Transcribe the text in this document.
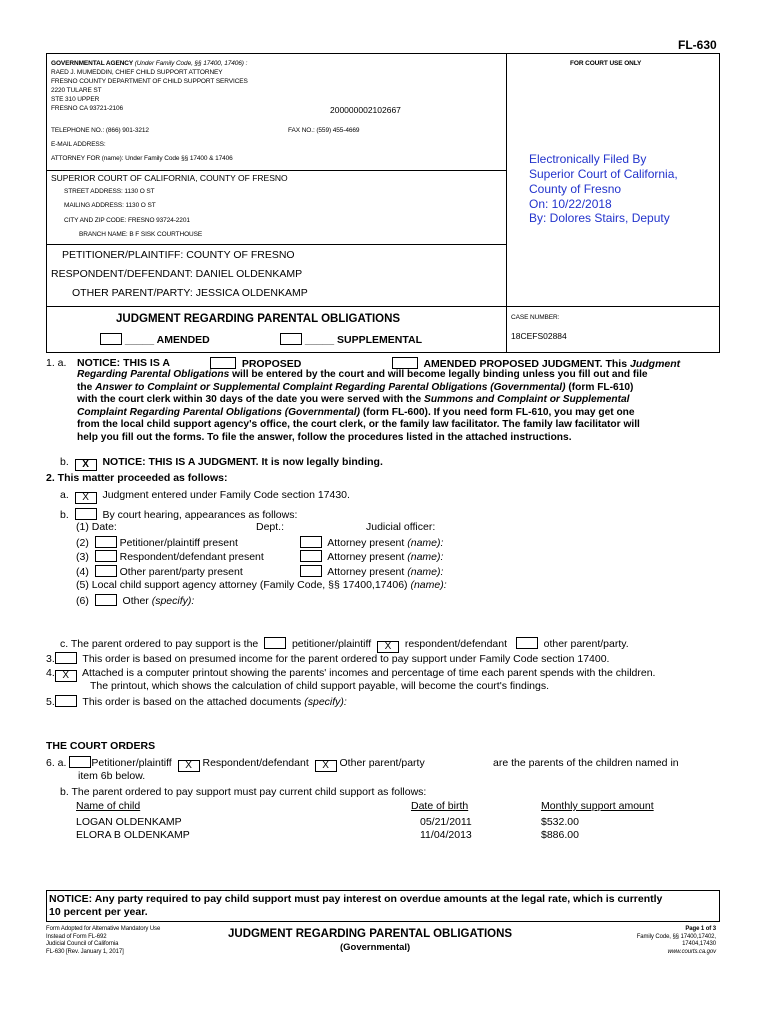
FL-630
GOVERNMENTAL AGENCY (Under Family Code, §§ 17400, 17406) :
RAED J. MUMEDDIN, CHIEF CHILD SUPPORT ATTORNEY
FRESNO COUNTY DEPARTMENT OF CHILD SUPPORT SERVICES
2220 TULARE ST
STE 310 UPPER
FRESNO CA 93721-2106	200000002102667
TELEPHONE NO.: (866) 901-3212	FAX NO.: (559) 455-4669
E-MAIL ADDRESS:
ATTORNEY FOR (name): Under Family Code §§ 17400 & 17406
FOR COURT USE ONLY
SUPERIOR COURT OF CALIFORNIA, COUNTY OF FRESNO
STREET ADDRESS: 1130 O ST
MAILING ADDRESS: 1130 O ST
CITY AND ZIP CODE: FRESNO 93724-2201
BRANCH NAME: B F SISK COURTHOUSE
PETITIONER/PLAINTIFF: COUNTY OF FRESNO
RESPONDENT/DEFENDANT: DANIEL OLDENKAMP
OTHER PARENT/PARTY: JESSICA OLDENKAMP
Electronically Filed By
Superior Court of California,
County of Fresno
On: 10/22/2018
By: Dolores Stairs, Deputy
JUDGMENT REGARDING PARENTAL OBLIGATIONS
_____ AMENDED	_____ SUPPLEMENTAL
CASE NUMBER:
18CEFS02884
1. a. NOTICE: THIS IS A	PROPOSED	AMENDED PROPOSED JUDGMENT. This Judgment
Regarding Parental Obligations will be entered by the court and will become legally binding unless you fill out and file
the Answer to Complaint or Supplemental Complaint Regarding Parental Obligations (Governmental) (form FL-610)
with the court clerk within 30 days of the date you were served with the Summons and Complaint or Supplemental
Complaint Regarding Parental Obligations (Governmental) (form FL-600). If you need form FL-610, you may get one
from the local child support agency's office, the court clerk, or the family law facilitator. The family law facilitator will
help you fill out the forms. To file the answer, follow the procedures listed in the attached instructions.
b. X NOTICE: THIS IS A JUDGMENT. It is now legally binding.
2. This matter proceeded as follows:
a. X Judgment entered under Family Code section 17430.
b.	By court hearing, appearances as follows:
(1) Date:	Dept.:	Judicial officer:
(2)	Petitioner/plaintiff present	Attorney present (name):
(3)	Respondent/defendant present	Attorney present (name):
(4)	Other parent/party present	Attorney present (name):
(5) Local child support agency attorney (Family Code, §§ 17400,17406) (name):
(6)	Other (specify):
c. The parent ordered to pay support is the	petitioner/plaintiff X respondent/defendant	other parent/party.
3.	This order is based on presumed income for the parent ordered to pay support under Family Code section 17400.
4. X Attached is a computer printout showing the parents' incomes and percentage of time each parent spends with the children.
The printout, which shows the calculation of child support payable, will become the court's findings.
5.	This order is based on the attached documents (specify):
THE COURT ORDERS
6. a. Petitioner/plaintiff X Respondent/defendant X Other parent/party	are the parents of the children named in
item 6b below.
b. The parent ordered to pay support must pay current child support as follows:
Name of child	Date of birth	Monthly support amount
LOGAN OLDENKAMP	05/21/2011	$532.00
ELORA B OLDENKAMP	11/04/2013	$886.00
NOTICE: Any party required to pay child support must pay interest on overdue amounts at the legal rate, which is currently
10 percent per year.
Form Adopted for Alternative Mandatory Use
Instead of Form FL-692
Judicial Council of California
FL-630 [Rev. January 1, 2017]
JUDGMENT REGARDING PARENTAL OBLIGATIONS
(Governmental)
Page 1 of 3
Family Code, §§ 17400,17402,
17404,17430
www.courts.ca.gov
